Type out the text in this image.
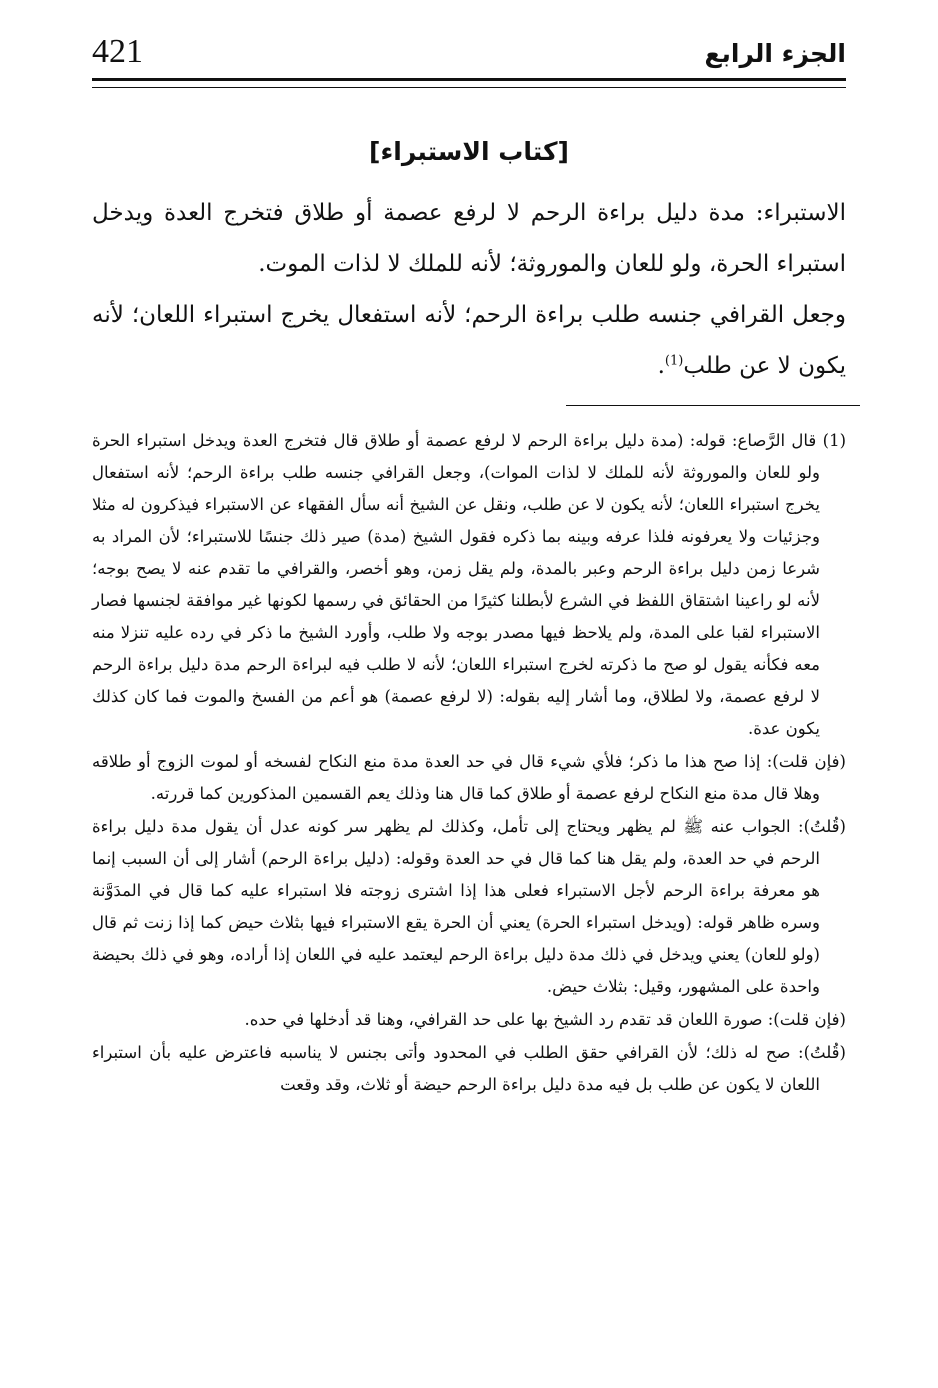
421	الجزء الرابع
[كتاب الاستبراء]

الاستبراء: مدة دليل براءة الرحم لا لرفع عصمة أو طلاق فتخرج العدة ويدخل استبراء الحرة، ولو للعان والموروثة؛ لأنه للملك لا لذات الموت.

وجعل القرافي جنسه طلب براءة الرحم؛ لأنه استفعال يخرج استبراء اللعان؛ لأنه يكون لا عن طلب$^{(1)}$.

(1) قال الرَّصاع: قوله: (مدة دليل براءة الرحم لا لرفع عصمة أو طلاق قال فتخرج العدة ويدخل استبراء الحرة ولو للعان والموروثة لأنه للملك لا لذات الموات)، وجعل القرافي جنسه طلب براءة الرحم؛ لأنه استفعال يخرج استبراء اللعان؛ لأنه يكون لا عن طلب، ونقل عن الشيخ أنه سأل الفقهاء عن الاستبراء فيذكرون له مثلا وجزئيات ولا يعرفونه فلذا عرفه وبينه بما ذكره فقول الشيخ (مدة) صير ذلك جنسًا للاستبراء؛ لأن المراد به شرعا زمن دليل براءة الرحم وعبر بالمدة، ولم يقل زمن، وهو أخصر، والقرافي ما تقدم عنه لا يصح بوجه؛ لأنه لو راعينا اشتقاق اللفظ في الشرع لأبطلنا كثيرًا من الحقائق في رسمها لكونها غير موافقة لجنسها فصار الاستبراء لقبا على المدة، ولم يلاحظ فيها مصدر بوجه ولا طلب، وأورد الشيخ ما ذكر في رده عليه تنزلا منه معه فكأنه يقول لو صح ما ذكرته لخرج استبراء اللعان؛ لأنه لا طلب فيه لبراءة الرحم مدة دليل براءة الرحم لا لرفع عصمة، ولا لطلاق، وما أشار إليه بقوله: (لا لرفع عصمة) هو أعم من الفسخ والموت فما كان كذلك يكون عدة.

(فإن قلت): إذا صح هذا ما ذكر؛ فلأي شيء قال في حد العدة مدة منع النكاح لفسخه أو لموت الزوج أو طلاقه وهلا قال مدة منع النكاح لرفع عصمة أو طلاق كما قال هنا وذلك يعم القسمين المذكورين كما قررته.

(قُلتُ): الجواب عنه ﷺ لم يظهر ويحتاج إلى تأمل، وكذلك لم يظهر سر كونه عدل أن يقول مدة دليل براءة الرحم في حد العدة، ولم يقل هنا كما قال في حد العدة وقوله: (دليل براءة الرحم) أشار إلى أن السبب إنما هو معرفة براءة الرحم لأجل الاستبراء فعلى هذا إذا اشترى زوجته فلا استبراء عليه كما قال في المدَوَّنة وسره ظاهر قوله: (ويدخل استبراء الحرة) يعني أن الحرة يقع الاستبراء فيها بثلاث حيض كما إذا زنت ثم قال (ولو للعان) يعني ويدخل في ذلك مدة دليل براءة الرحم ليعتمد عليه في اللعان إذا أراده، وهو في ذلك بحيضة واحدة على المشهور، وقيل: بثلاث حيض.

(فإن قلت): صورة اللعان قد تقدم رد الشيخ بها على حد القرافي، وهنا قد أدخلها في حده.

(قُلتُ): صح له ذلك؛ لأن القرافي حقق الطلب في المحدود وأتى بجنس لا يناسبه فاعترض عليه بأن استبراء اللعان لا يكون عن طلب بل فيه مدة دليل براءة الرحم حيضة أو ثلاث، وقد وقعت
